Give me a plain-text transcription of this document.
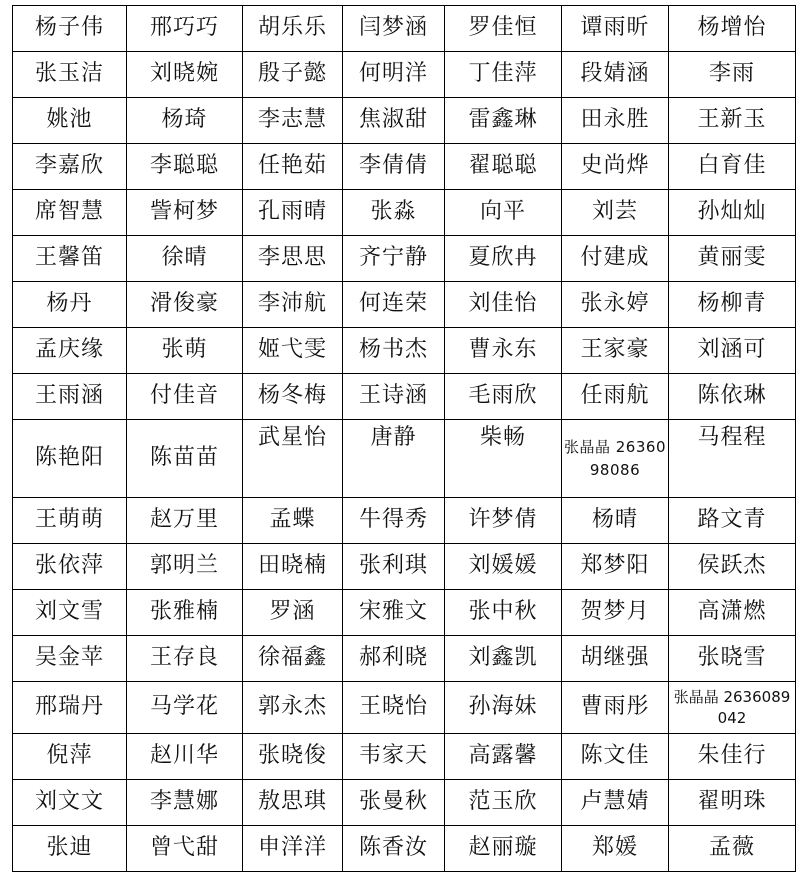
杨子伟	邢巧巧	胡乐乐	闫梦涵	罗佳恒	谭雨昕	杨增怡
张玉洁	刘晓婉	殷子懿	何明洋	丁佳萍	段婧涵	李雨
姚池	杨琦	李志慧	焦淑甜	雷鑫琳	田永胜	王新玉
李嘉欣	李聪聪	任艳茹	李倩倩	翟聪聪	史尚烨	白育佳
席智慧	訾柯梦	孔雨晴	张淼	向平	刘芸	孙灿灿
王馨笛	徐晴	李思思	齐宁静	夏欣冉	付建成	黄丽雯
杨丹	滑俊豪	李沛航	何连荣	刘佳怡	张永婷	杨柳青
孟庆缘	张萌	姬弋雯	杨书杰	曹永东	王家豪	刘涵可
王雨涵	付佳音	杨冬梅	王诗涵	毛雨欣	任雨航	陈依琳
陈艳阳	陈苗苗	武星怡	唐静	柴畅	张晶晶 2636098086	马程程
王萌萌	赵万里	孟蝶	牛得秀	许梦倩	杨晴	路文青
张依萍	郭明兰	田晓楠	张利琪	刘媛媛	郑梦阳	侯跃杰
刘文雪	张雅楠	罗涵	宋雅文	张中秋	贺梦月	高潇燃
吴金苹	王存良	徐福鑫	郝利晓	刘鑫凯	胡继强	张晓雪
邢瑞丹	马学花	郭永杰	王晓怡	孙海妹	曹雨彤	张晶晶 2636089042

倪萍	赵川华	张晓俊	韦家天	高露馨	陈文佳	朱佳行
刘文文	李慧娜	敖思琪	张曼秋	范玉欣	卢慧婧	翟明珠
张迪	曾弋甜	申洋洋	陈香汝	赵丽璇	郑媛	孟薇
